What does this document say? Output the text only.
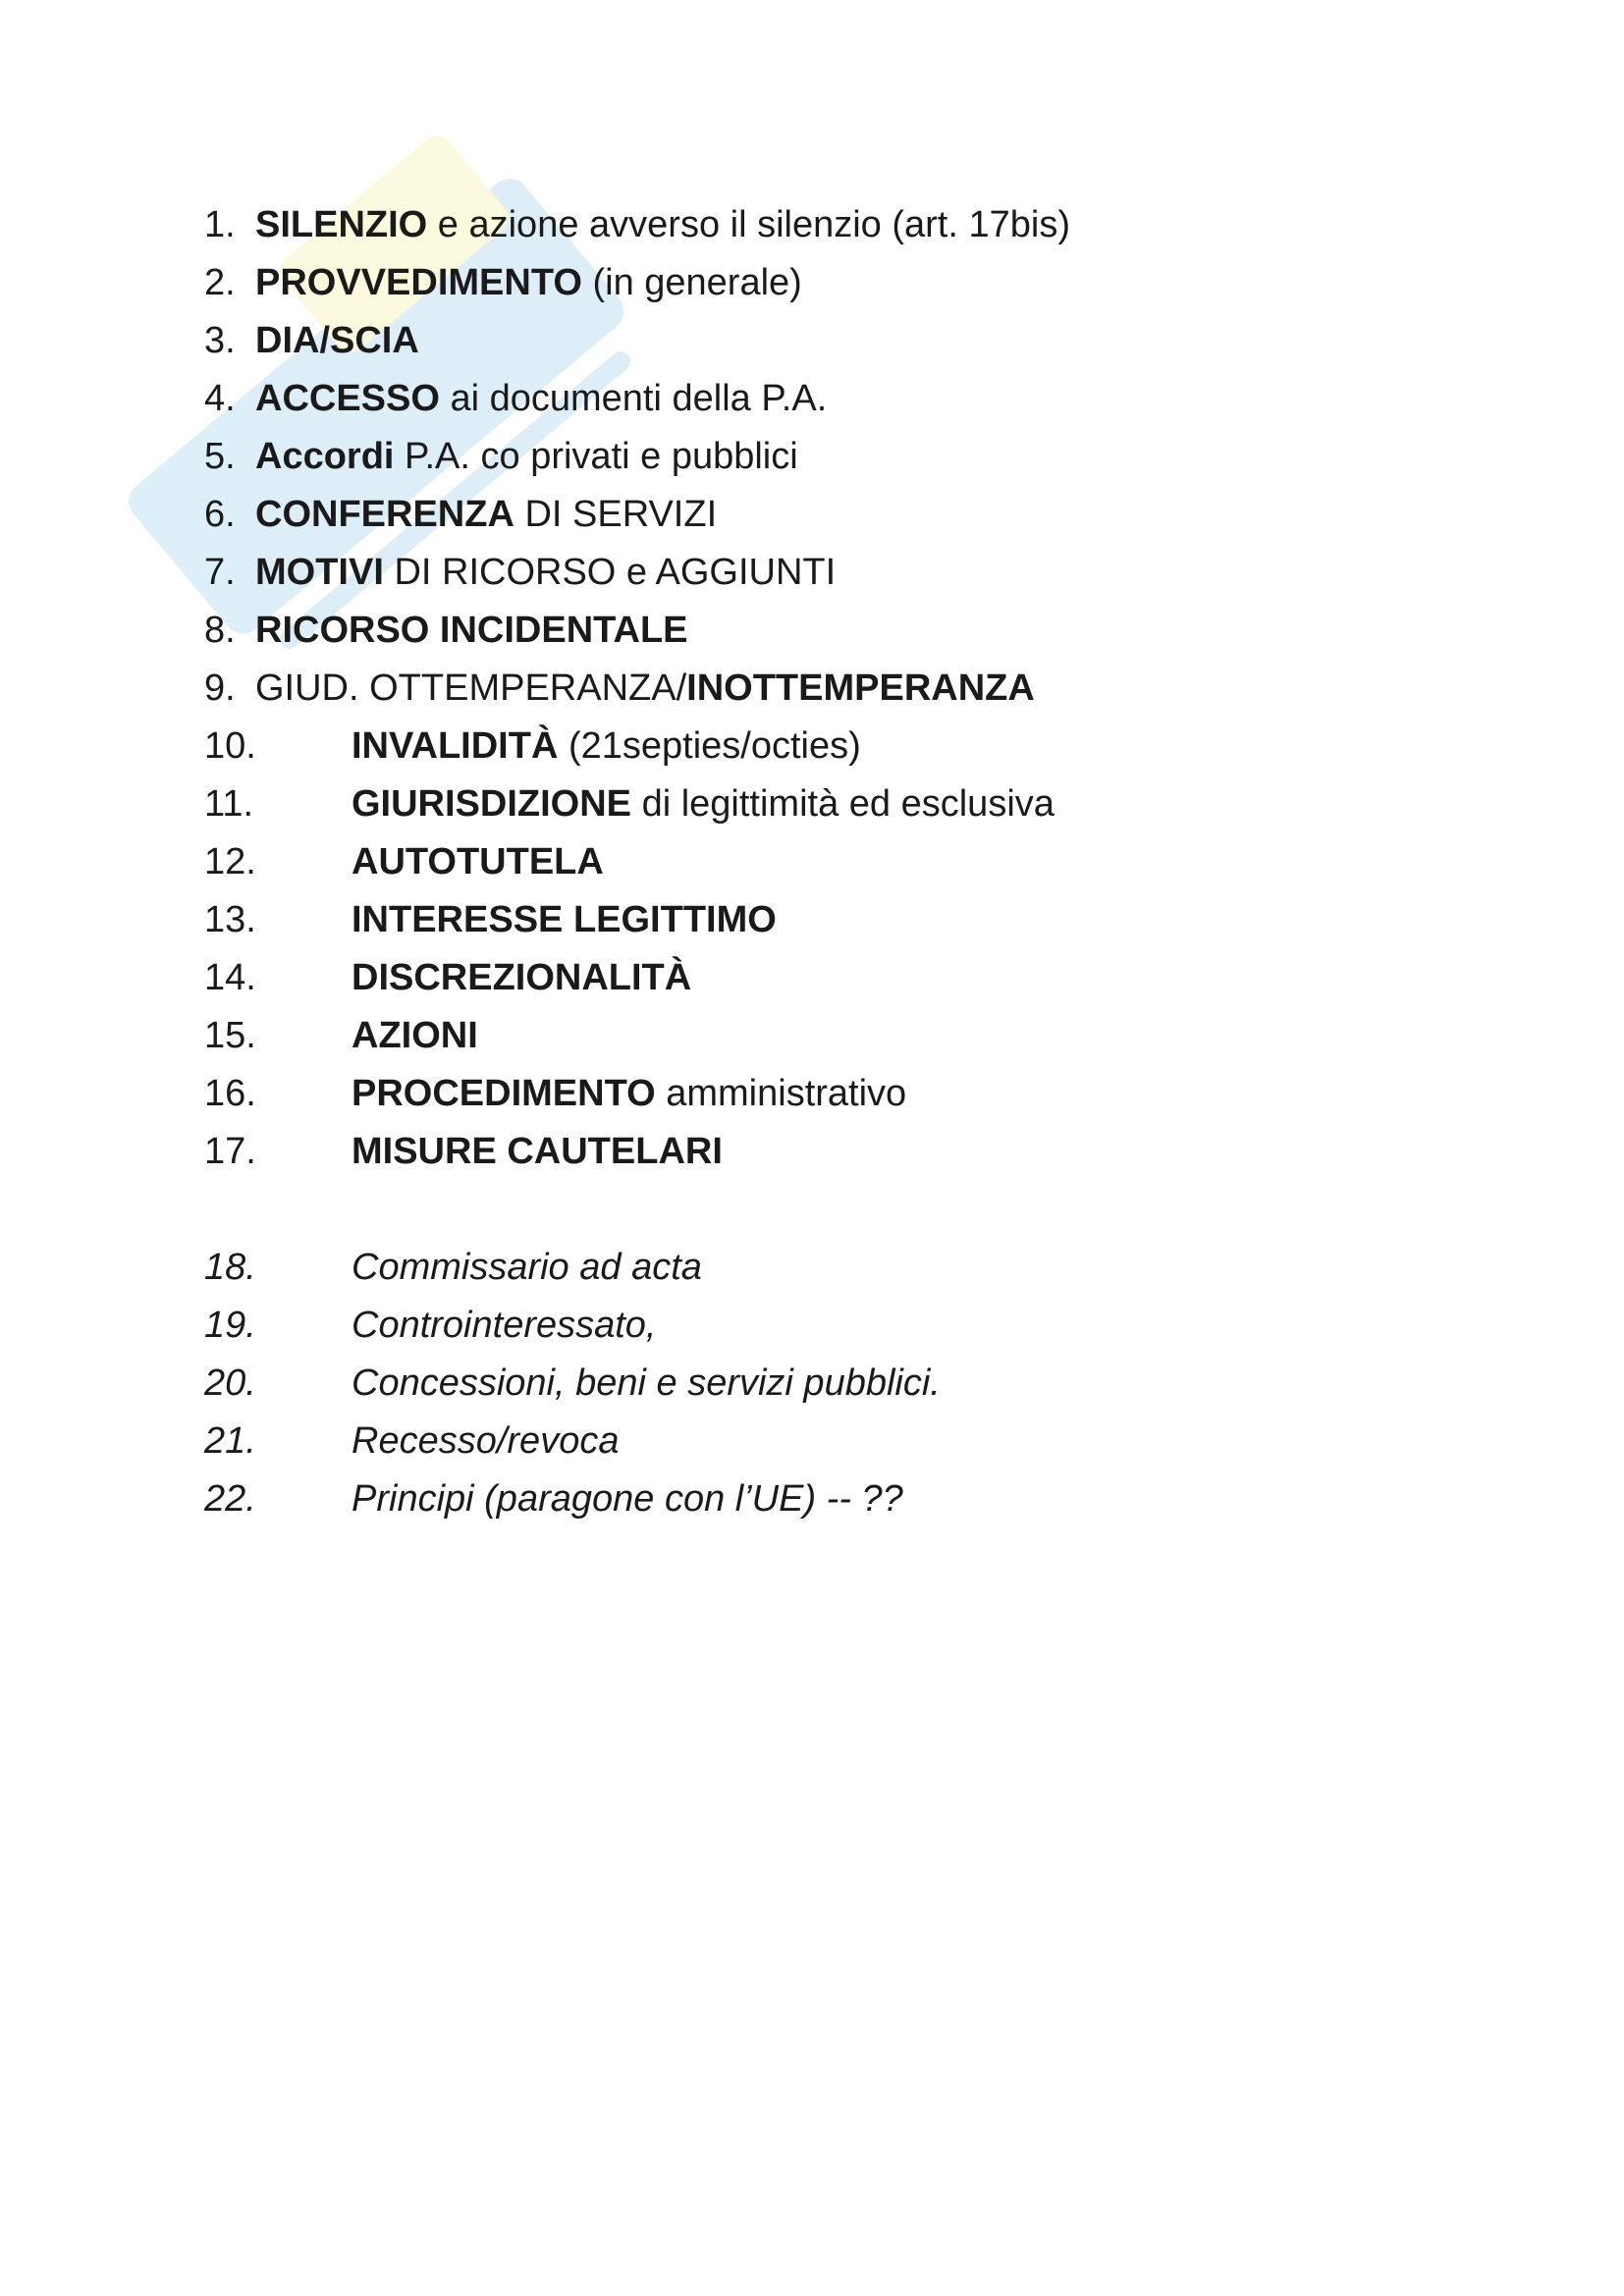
1. SILENZIO e azione avverso il silenzio (art. 17bis)
2. PROVVEDIMENTO (in generale)
3. DIA/SCIA
4. ACCESSO ai documenti della P.A.
5. Accordi P.A. co privati e pubblici
6. CONFERENZA DI SERVIZI
7. MOTIVI DI RICORSO e AGGIUNTI
8. RICORSO INCIDENTALE
9. GIUD. OTTEMPERANZA/INOTTEMPERANZA
10.	INVALIDITÀ (21septies/octies)
11.	GIURISDIZIONE di legittimità ed esclusiva
12.	AUTOTUTELA
13.	INTERESSE LEGITTIMO
14.	DISCREZIONALITÀ
15.	AZIONI
16.	PROCEDIMENTO amministrativo
17.	MISURE CAUTELARI
18.	Commissario ad acta
19.	Controinteressato,
20.	Concessioni, beni e servizi pubblici.
21.	Recesso/revoca
22.	Principi (paragone con l’UE) -- ??
